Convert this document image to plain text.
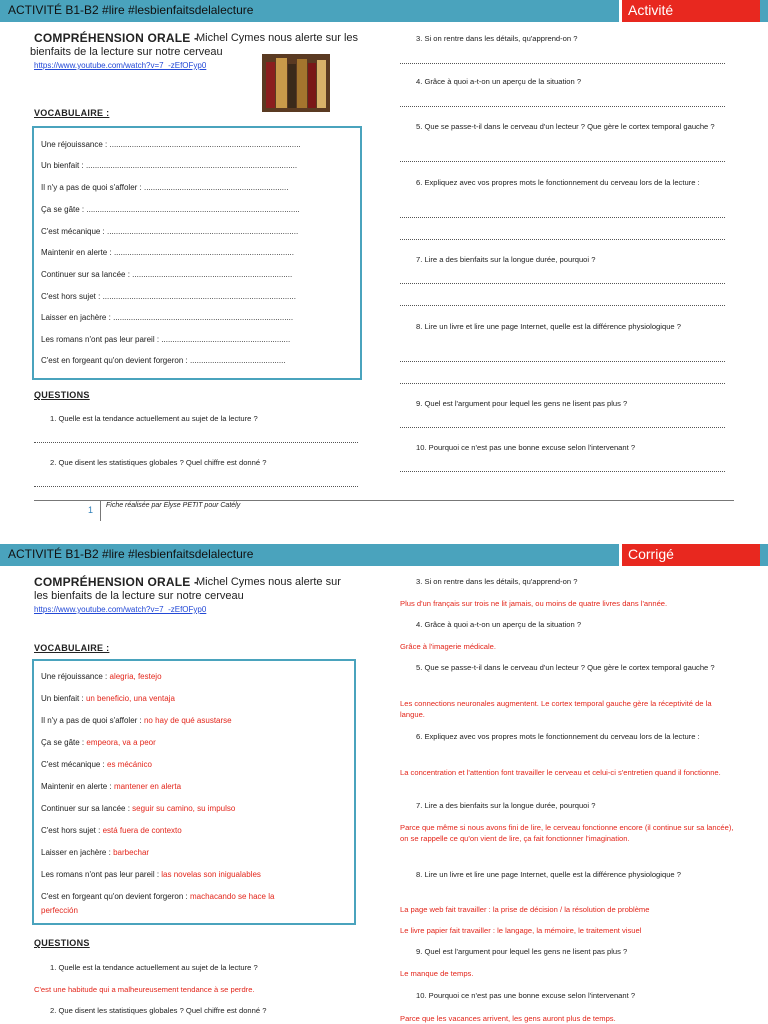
ACTIVITÉ B1-B2 #lire #lesbienfaitsdelalecture	Activité
COMPRÉHENSION ORALE -
Michel Cymes nous alerte sur les
bienfaits de la lecture sur notre cerveau
https://www.youtube.com/watch?v=7_-zEfOFyp0
VOCABULAIRE :
Une réjouissance : ......................................................................................
Un bienfait : ...............................................................................................
Il n'y a pas de quoi s'affoler : .................................................................
Ça se gâte : ................................................................................................
C'est mécanique : ......................................................................................
Maintenir en alerte : .................................................................................
Continuer sur sa lancée : ........................................................................
C'est hors sujet : .......................................................................................
Laisser en jachère : .................................................................................
Les romans n'ont pas leur pareil : ..........................................................
C'est en forgeant qu'on devient forgeron : ...........................................
QUESTIONS
1. Quelle est la tendance actuellement au sujet de la lecture ?
2. Que disent les statistiques globales ? Quel chiffre est donné ?
3. Si on rentre dans les détails, qu'apprend-on ?
4. Grâce à quoi a-t-on un aperçu de la situation ?
5. Que se passe-t-il dans le cerveau d'un lecteur ? Que gère le cortex temporal gauche ?
6. Expliquez avec vos propres mots le fonctionnement du cerveau lors de la lecture :
7. Lire a des bienfaits sur la longue durée, pourquoi ?
8. Lire un livre et lire une page Internet, quelle est la différence physiologique ?
9. Quel est l'argument pour lequel les gens ne lisent pas plus ?
10. Pourquoi ce n'est pas une bonne excuse selon l'intervenant ?
1 Fiche réalisée par Elyse PETIT pour Catély
ACTIVITÉ B1-B2 #lire #lesbienfaitsdelalecture	Corrigé
COMPRÉHENSION ORALE -
Michel Cymes nous alerte sur
les bienfaits de la lecture sur notre cerveau
https://www.youtube.com/watch?v=7_-zEfOFyp0
VOCABULAIRE :
Une réjouissance : alegria, festejo
Un bienfait : un beneficio, una ventaja
Il n'y a pas de quoi s'affoler : no hay de qué asustarse
Ça se gâte : empeora, va a peor
C'est mécanique : es mécánico
Maintenir en alerte : mantener en alerta
Continuer sur sa lancée : seguir su camino, su impulso
C'est hors sujet : está fuera de contexto
Laisser en jachère : barbechar
Les romans n'ont pas leur pareil : las novelas son inigualables
C'est en forgeant qu'on devient forgeron : machacando se hace la
perfección
QUESTIONS
1. Quelle est la tendance actuellement au sujet de la lecture ?
C'est une habitude qui a malheureusement tendance à se perdre.
2. Que disent les statistiques globales ? Quel chiffre est donné ?
3. Si on rentre dans les détails, qu'apprend-on ?
Plus d'un français sur trois ne lit jamais, ou moins de quatre livres dans l'année.
4. Grâce à quoi a-t-on un aperçu de la situation ?
Grâce à l'imagerie médicale.
5. Que se passe-t-il dans le cerveau d'un lecteur ? Que gère le cortex temporal gauche ?
Les connections neuronales augmentent. Le cortex temporal gauche gère la réceptivité de la langue.
6. Expliquez avec vos propres mots le fonctionnement du cerveau lors de la lecture :
La concentration et l'attention font travailler le cerveau et celui-ci s'entretien quand il fonctionne.
7. Lire a des bienfaits sur la longue durée, pourquoi ?
Parce que même si nous avons fini de lire, le cerveau fonctionne encore (il continue sur sa lancée), on se rappelle ce qu'on vient de lire, ça fait fonctionner l'imagination.
8. Lire un livre et lire une page Internet, quelle est la différence physiologique ?
La page web fait travailler : la prise de décision / la résolution de problème
Le livre papier fait travailler : le langage, la mémoire, le traitement visuel
9. Quel est l'argument pour lequel les gens ne lisent pas plus ?
Le manque de temps.
10. Pourquoi ce n'est pas une bonne excuse selon l'intervenant ?
Parce que les vacances arrivent, les gens auront plus de temps.
